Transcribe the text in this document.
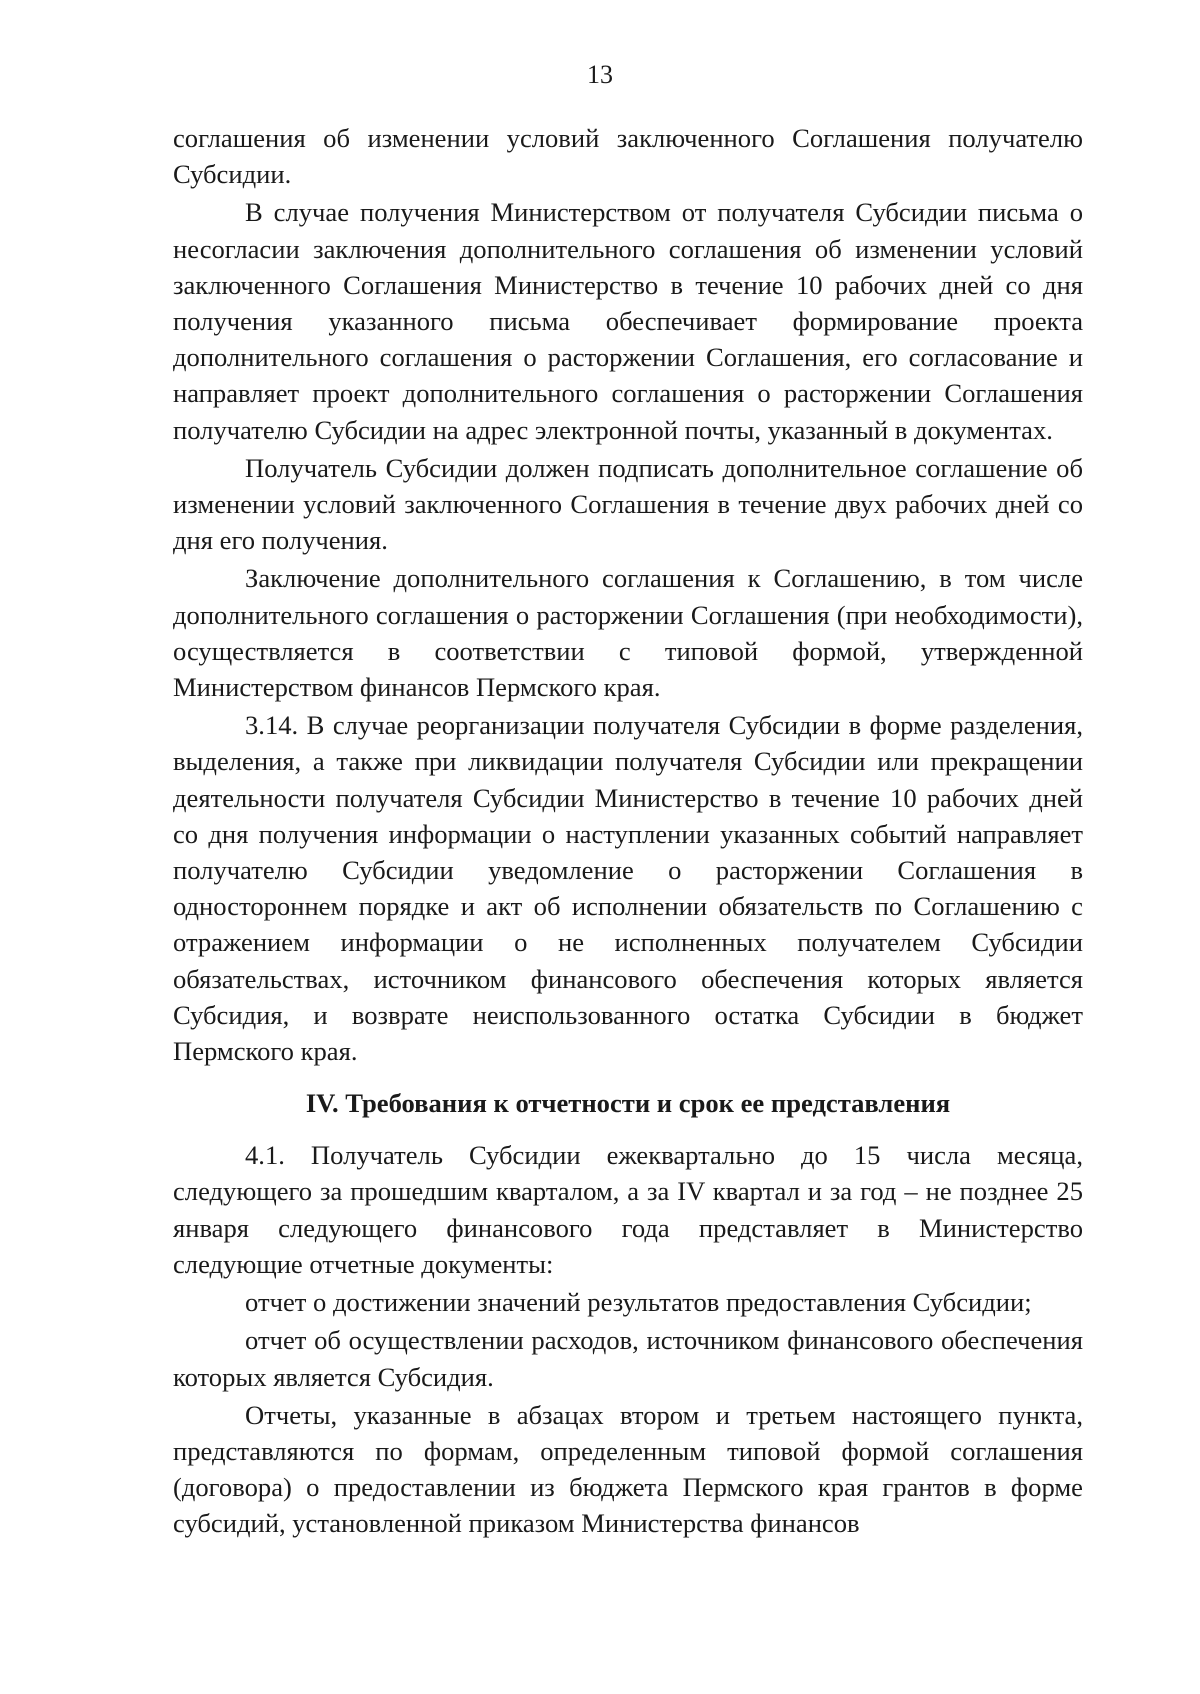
13

соглашения об изменении условий заключенного Соглашения получателю Субсидии.

В случае получения Министерством от получателя Субсидии письма о несогласии заключения дополнительного соглашения об изменении условий заключенного Соглашения Министерство в течение 10 рабочих дней со дня получения указанного письма обеспечивает формирование проекта дополнительного соглашения о расторжении Соглашения, его согласование и направляет проект дополнительного соглашения о расторжении Соглашения получателю Субсидии на адрес электронной почты, указанный в документах.

Получатель Субсидии должен подписать дополнительное соглашение об изменении условий заключенного Соглашения в течение двух рабочих дней со дня его получения.

Заключение дополнительного соглашения к Соглашению, в том числе дополнительного соглашения о расторжении Соглашения (при необходимости), осуществляется в соответствии с типовой формой, утвержденной Министерством финансов Пермского края.

3.14. В случае реорганизации получателя Субсидии в форме разделения, выделения, а также при ликвидации получателя Субсидии или прекращении деятельности получателя Субсидии Министерство в течение 10 рабочих дней со дня получения информации о наступлении указанных событий направляет получателю Субсидии уведомление о расторжении Соглашения в одностороннем порядке и акт об исполнении обязательств по Соглашению с отражением информации о не исполненных получателем Субсидии обязательствах, источником финансового обеспечения которых является Субсидия, и возврате неиспользованного остатка Субсидии в бюджет Пермского края.

IV. Требования к отчетности и срок ее представления

4.1. Получатель Субсидии ежеквартально до 15 числа месяца, следующего за прошедшим кварталом, а за IV квартал и за год – не позднее 25 января следующего финансового года представляет в Министерство следующие отчетные документы:

отчет о достижении значений результатов предоставления Субсидии;

отчет об осуществлении расходов, источником финансового обеспечения которых является Субсидия.

Отчеты, указанные в абзацах втором и третьем настоящего пункта, представляются по формам, определенным типовой формой соглашения (договора) о предоставлении из бюджета Пермского края грантов в форме субсидий, установленной приказом Министерства финансов
